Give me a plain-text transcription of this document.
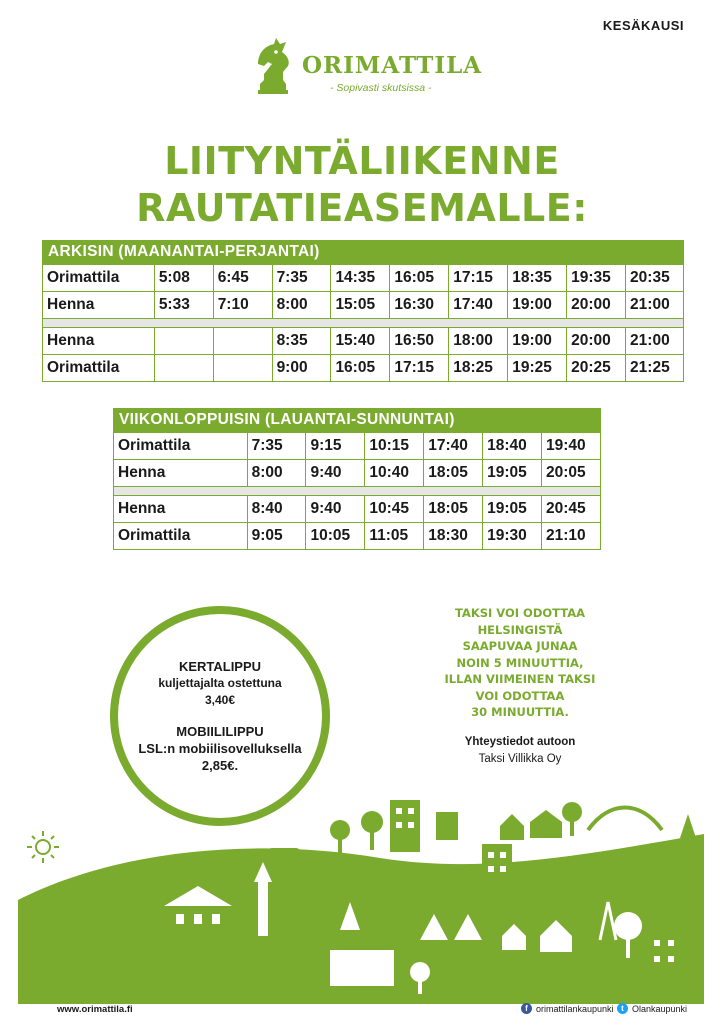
KESÄKAUSI
ORIMATTILA
- Sopivasti skutsissa -
LIITYNTÄLIIKENNE
RAUTATIEASEMALLE:
ARKISIN (MAANANTAI-PERJANTAI)
Orimattila	5:08	6:45	7:35	14:35	16:05	17:15	18:35	19:35	20:35
Henna	5:33	7:10	8:00	15:05	16:30	17:40	19:00	20:00	21:00

Henna			8:35	15:40	16:50	18:00	19:00	20:00	21:00
Orimattila			9:00	16:05	17:15	18:25	19:25	20:25	21:25
VIIKONLOPPUISIN (LAUANTAI-SUNNUNTAI)
Orimattila	7:35	9:15	10:15	17:40	18:40	19:40
Henna	8:00	9:40	10:40	18:05	19:05	20:05

Henna	8:40	9:40	10:45	18:05	19:05	20:45
Orimattila	9:05	10:05	11:05	18:30	19:30	21:10
KERTALIPPU
kuljettajalta ostettuna
3,40€
MOBIILILIPPU
LSL:n mobiilisovelluksella
2,85€.
TAKSI VOI ODOTTAA
HELSINGISTÄ
SAAPUVAA JUNAA
NOIN 5 MINUUTTIA,
ILLAN VIIMEINEN TAKSI
VOI ODOTTAA
30 MINUUTTIA.
Yhteystiedot autoon
Taksi Villikka Oy
www.orimattila.fi	f orimattilankaupunki t Olankaupunki
